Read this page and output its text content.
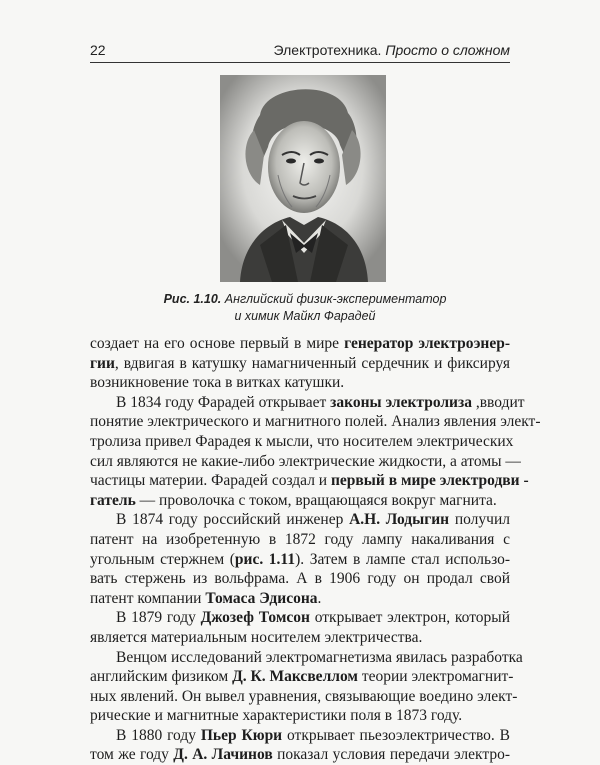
22	Электротехника. Просто о сложном
Рис. 1.10. Английский физик-экспериментатор
и химик Майкл Фарадей
создает на его основе первый в мире генератор электроэнер-
гии, вдвигая в катушку намагниченный сердечник и фиксируя
возникновение тока в витках катушки.
В 1834 году Фарадей открывает законы электролиза ,вводит
понятие электрического и магнитного полей. Анализ явления элект-
тролиза привел Фарадея к мысли, что носителем электрических
сил являются не какие-либо электрические жидкости, а атомы —
частицы материи. Фарадей создал и первый в мире электродви -
гатель — проволочка с током, вращающаяся вокруг магнита.
В 1874 году российский инженер А.Н. Лодыгин получил
патент на изобретенную в 1872 году лампу накаливания с
угольным стержнем (рис. 1.11). Затем в лампе стал использо-
вать стержень из вольфрама. А в 1906 году он продал свой
патент компании Томаса Эдисона.
В 1879 году Джозеф Томсон открывает электрон, который
является материальным носителем электричества.
Венцом исследований электромагнетизма явилась разработка
английским физиком Д. К. Максвеллом теории электромагнит-
ных явлений. Он вывел уравнения, связывающие воедино элект-
рические и магнитные характеристики поля в 1873 году.
В 1880 году Пьер Кюри открывает пьезоэлектричество. В
том же году Д. А. Лачинов показал условия передачи электро-
